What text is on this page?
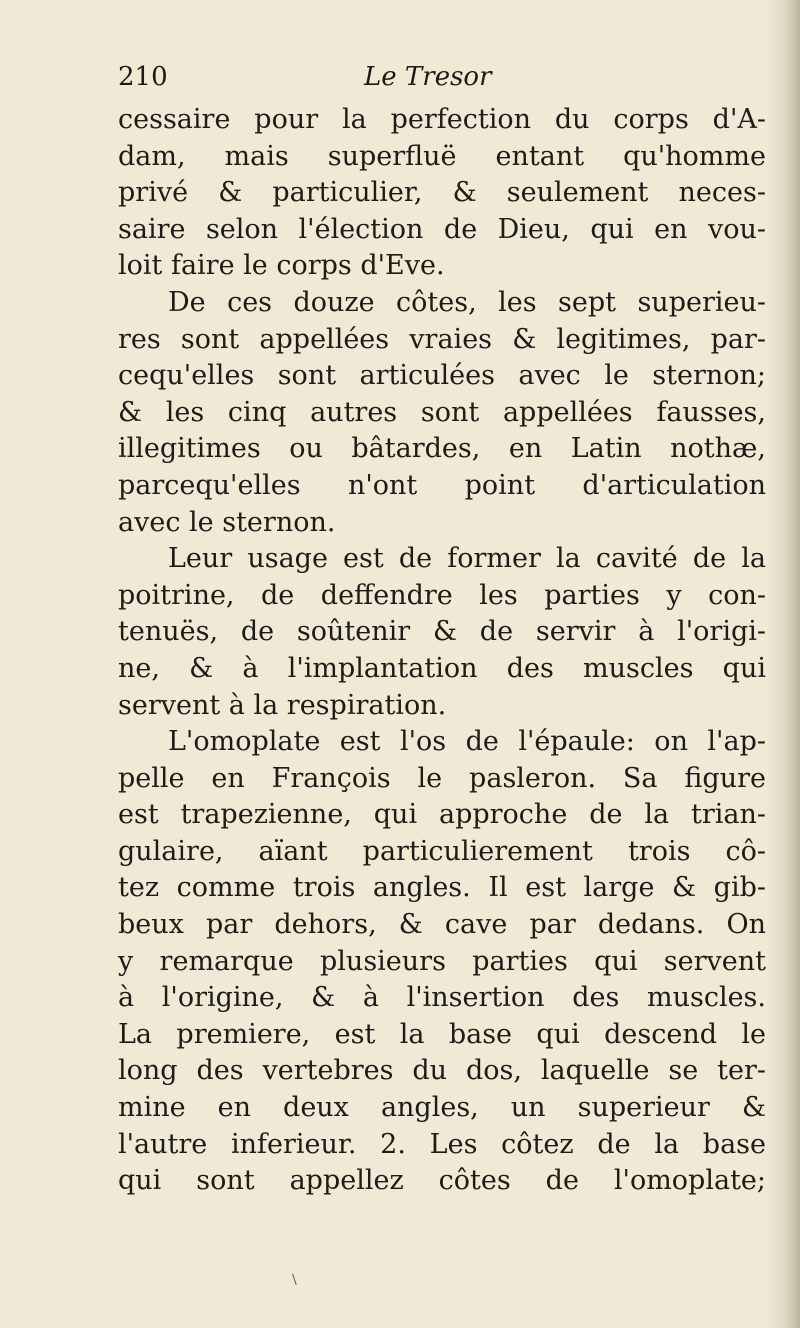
210	Le Tresor
cessaire pour la perfection du corps d'A-
dam, mais superfluë entant qu'homme
privé & particulier, & seulement neces-
saire selon l'élection de Dieu, qui en vou-
loit faire le corps d'Eve.
De ces douze côtes, les sept superieu-
res sont appellées vraies & legitimes, par-
cequ'elles sont articulées avec le sternon;
& les cinq autres sont appellées fausses,
illegitimes ou bâtardes, en Latin nothæ,
parcequ'elles n'ont point d'articulation
avec le sternon.
Leur usage est de former la cavité de la
poitrine, de deffendre les parties y con-
tenuës, de soûtenir & de servir à l'origi-
ne, & à l'implantation des muscles qui
servent à la respiration.
L'omoplate est l'os de l'épaule: on l'ap-
pelle en François le pasleron. Sa figure
est trapezienne, qui approche de la trian-
gulaire, aïant particulierement trois cô-
tez comme trois angles. Il est large & gib-
beux par dehors, & cave par dedans. On
y remarque plusieurs parties qui servent
à l'origine, & à l'insertion des muscles.
La premiere, est la base qui descend le
long des vertebres du dos, laquelle se ter-
mine en deux angles, un superieur &
l'autre inferieur. 2. Les côtez de la base
qui sont appellez côtes de l'omoplate;
\
